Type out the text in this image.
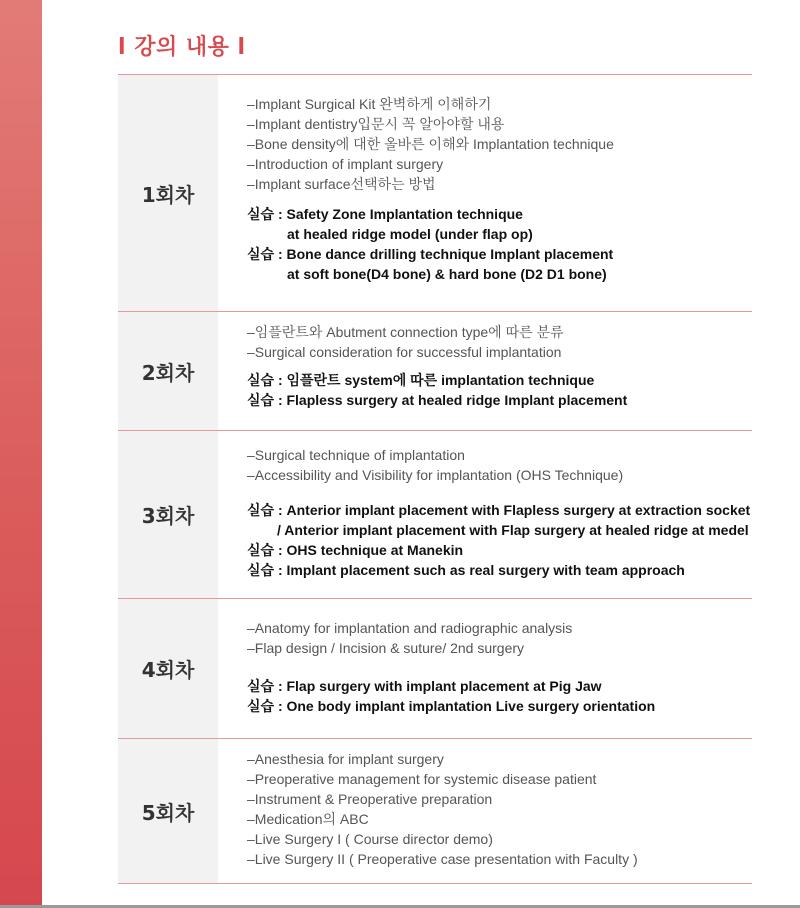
l 강의 내용 l
1회차
–Implant Surgical Kit 완벽하게 이해하기
–Implant dentistry입문시 꼭 알아야할 내용
–Bone density에 대한 올바른 이해와 Implantation technique
–Introduction of implant surgery
–Implant surface선택하는 방법
실습 : Safety Zone Implantation technique
at healed ridge model (under flap op)
실습 : Bone dance drilling technique Implant placement
at soft bone(D4 bone) & hard bone (D2 D1 bone)
2회차
–임플란트와 Abutment connection type에 따른 분류
–Surgical consideration for successful implantation
실습 : 임플란트 system에 따른 implantation technique
실습 : Flapless surgery at healed ridge Implant placement
3회차
–Surgical technique of implantation
–Accessibility and Visibility for implantation (OHS Technique)
실습 : Anterior implant placement with Flapless surgery at extraction socket
/ Anterior implant placement with Flap surgery at healed ridge at medel
실습 : OHS technique at Manekin
실습 : Implant placement such as real surgery with team approach
4회차
–Anatomy for implantation and radiographic analysis
–Flap design / Incision & suture/ 2nd surgery
실습 : Flap surgery with implant placement at Pig Jaw
실습 : One body implant implantation Live surgery orientation
5회차
–Anesthesia for implant surgery
–Preoperative management for systemic disease patient
–Instrument & Preoperative preparation
–Medication의 ABC
–Live Surgery I ( Course director demo)
–Live Surgery II ( Preoperative case presentation with Faculty )
